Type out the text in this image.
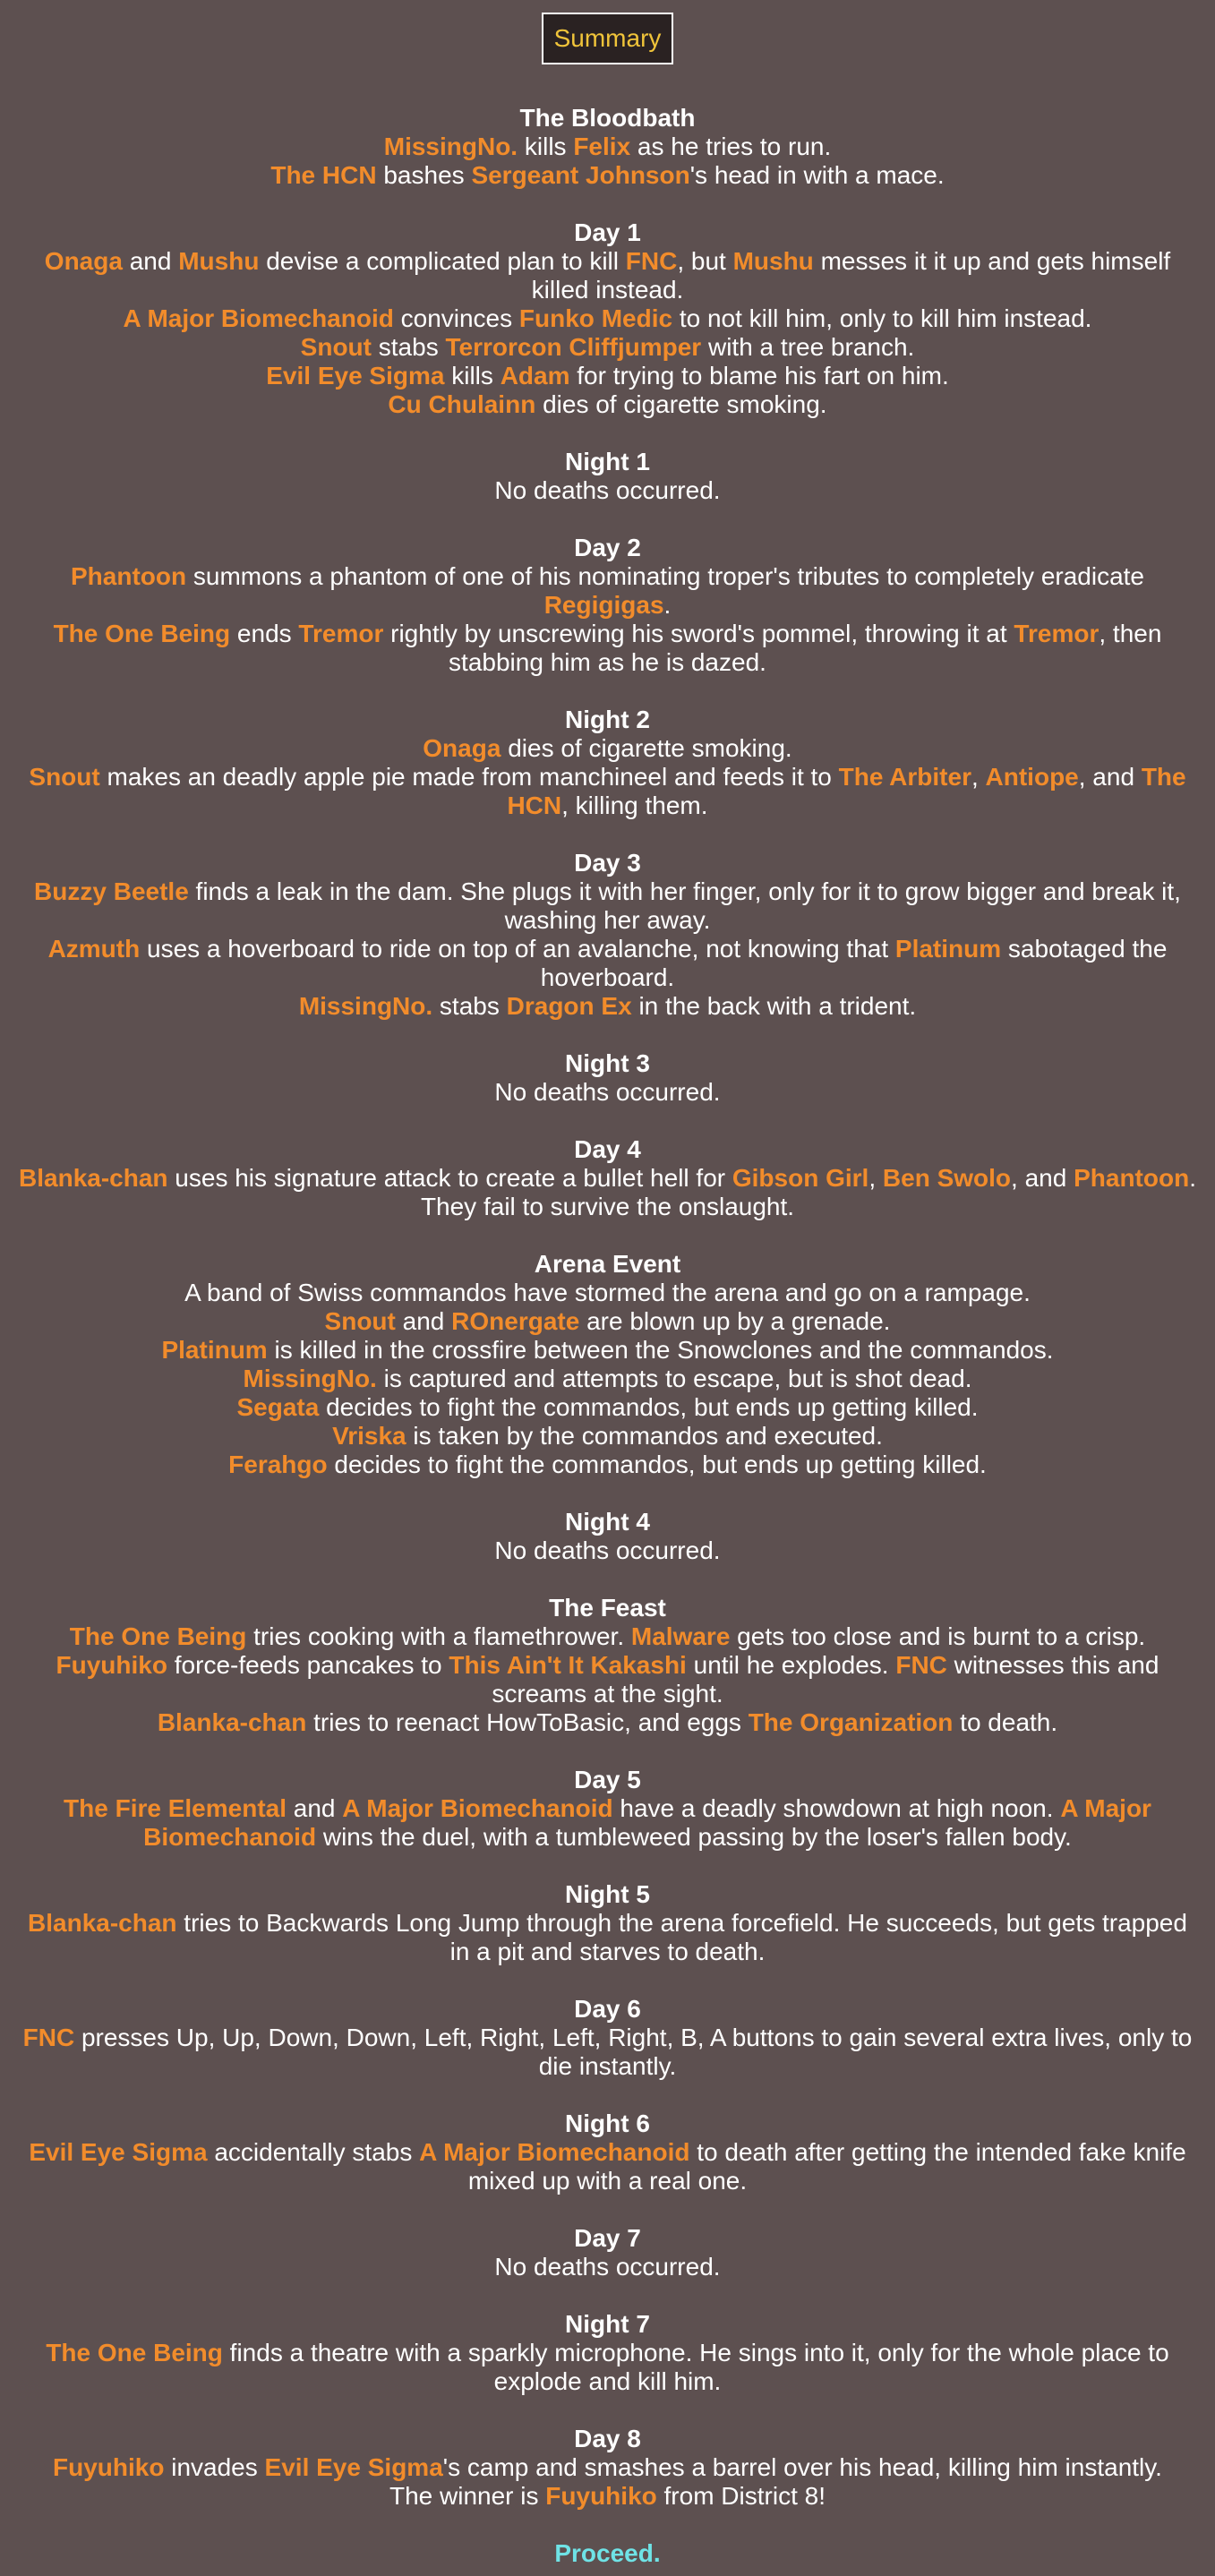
Summary
The Bloodbath
MissingNo. kills Felix as he tries to run.
The HCN bashes Sergeant Johnson's head in with a mace.
Day 1
Onaga and Mushu devise a complicated plan to kill FNC, but Mushu messes it it up and gets himself killed instead.
A Major Biomechanoid convinces Funko Medic to not kill him, only to kill him instead.
Snout stabs Terrorcon Cliffjumper with a tree branch.
Evil Eye Sigma kills Adam for trying to blame his fart on him.
Cu Chulainn dies of cigarette smoking.
Night 1
No deaths occurred.
Day 2
Phantoon summons a phantom of one of his nominating troper's tributes to completely eradicate Regigigas.
The One Being ends Tremor rightly by unscrewing his sword's pommel, throwing it at Tremor, then stabbing him as he is dazed.
Night 2
Onaga dies of cigarette smoking.
Snout makes an deadly apple pie made from manchineel and feeds it to The Arbiter, Antiope, and The HCN, killing them.
Day 3
Buzzy Beetle finds a leak in the dam. She plugs it with her finger, only for it to grow bigger and break it, washing her away.
Azmuth uses a hoverboard to ride on top of an avalanche, not knowing that Platinum sabotaged the hoverboard.
MissingNo. stabs Dragon Ex in the back with a trident.
Night 3
No deaths occurred.
Day 4
Blanka-chan uses his signature attack to create a bullet hell for Gibson Girl, Ben Swolo, and Phantoon. They fail to survive the onslaught.
Arena Event
A band of Swiss commandos have stormed the arena and go on a rampage.
Snout and ROnergate are blown up by a grenade.
Platinum is killed in the crossfire between the Snowclones and the commandos.
MissingNo. is captured and attempts to escape, but is shot dead.
Segata decides to fight the commandos, but ends up getting killed.
Vriska is taken by the commandos and executed.
Ferahgo decides to fight the commandos, but ends up getting killed.
Night 4
No deaths occurred.
The Feast
The One Being tries cooking with a flamethrower. Malware gets too close and is burnt to a crisp.
Fuyuhiko force-feeds pancakes to This Ain't It Kakashi until he explodes. FNC witnesses this and screams at the sight.
Blanka-chan tries to reenact HowToBasic, and eggs The Organization to death.
Day 5
The Fire Elemental and A Major Biomechanoid have a deadly showdown at high noon. A Major Biomechanoid wins the duel, with a tumbleweed passing by the loser's fallen body.
Night 5
Blanka-chan tries to Backwards Long Jump through the arena forcefield. He succeeds, but gets trapped in a pit and starves to death.
Day 6
FNC presses Up, Up, Down, Down, Left, Right, Left, Right, B, A buttons to gain several extra lives, only to die instantly.
Night 6
Evil Eye Sigma accidentally stabs A Major Biomechanoid to death after getting the intended fake knife mixed up with a real one.
Day 7
No deaths occurred.
Night 7
The One Being finds a theatre with a sparkly microphone. He sings into it, only for the whole place to explode and kill him.
Day 8
Fuyuhiko invades Evil Eye Sigma's camp and smashes a barrel over his head, killing him instantly.
The winner is Fuyuhiko from District 8!
Proceed.
